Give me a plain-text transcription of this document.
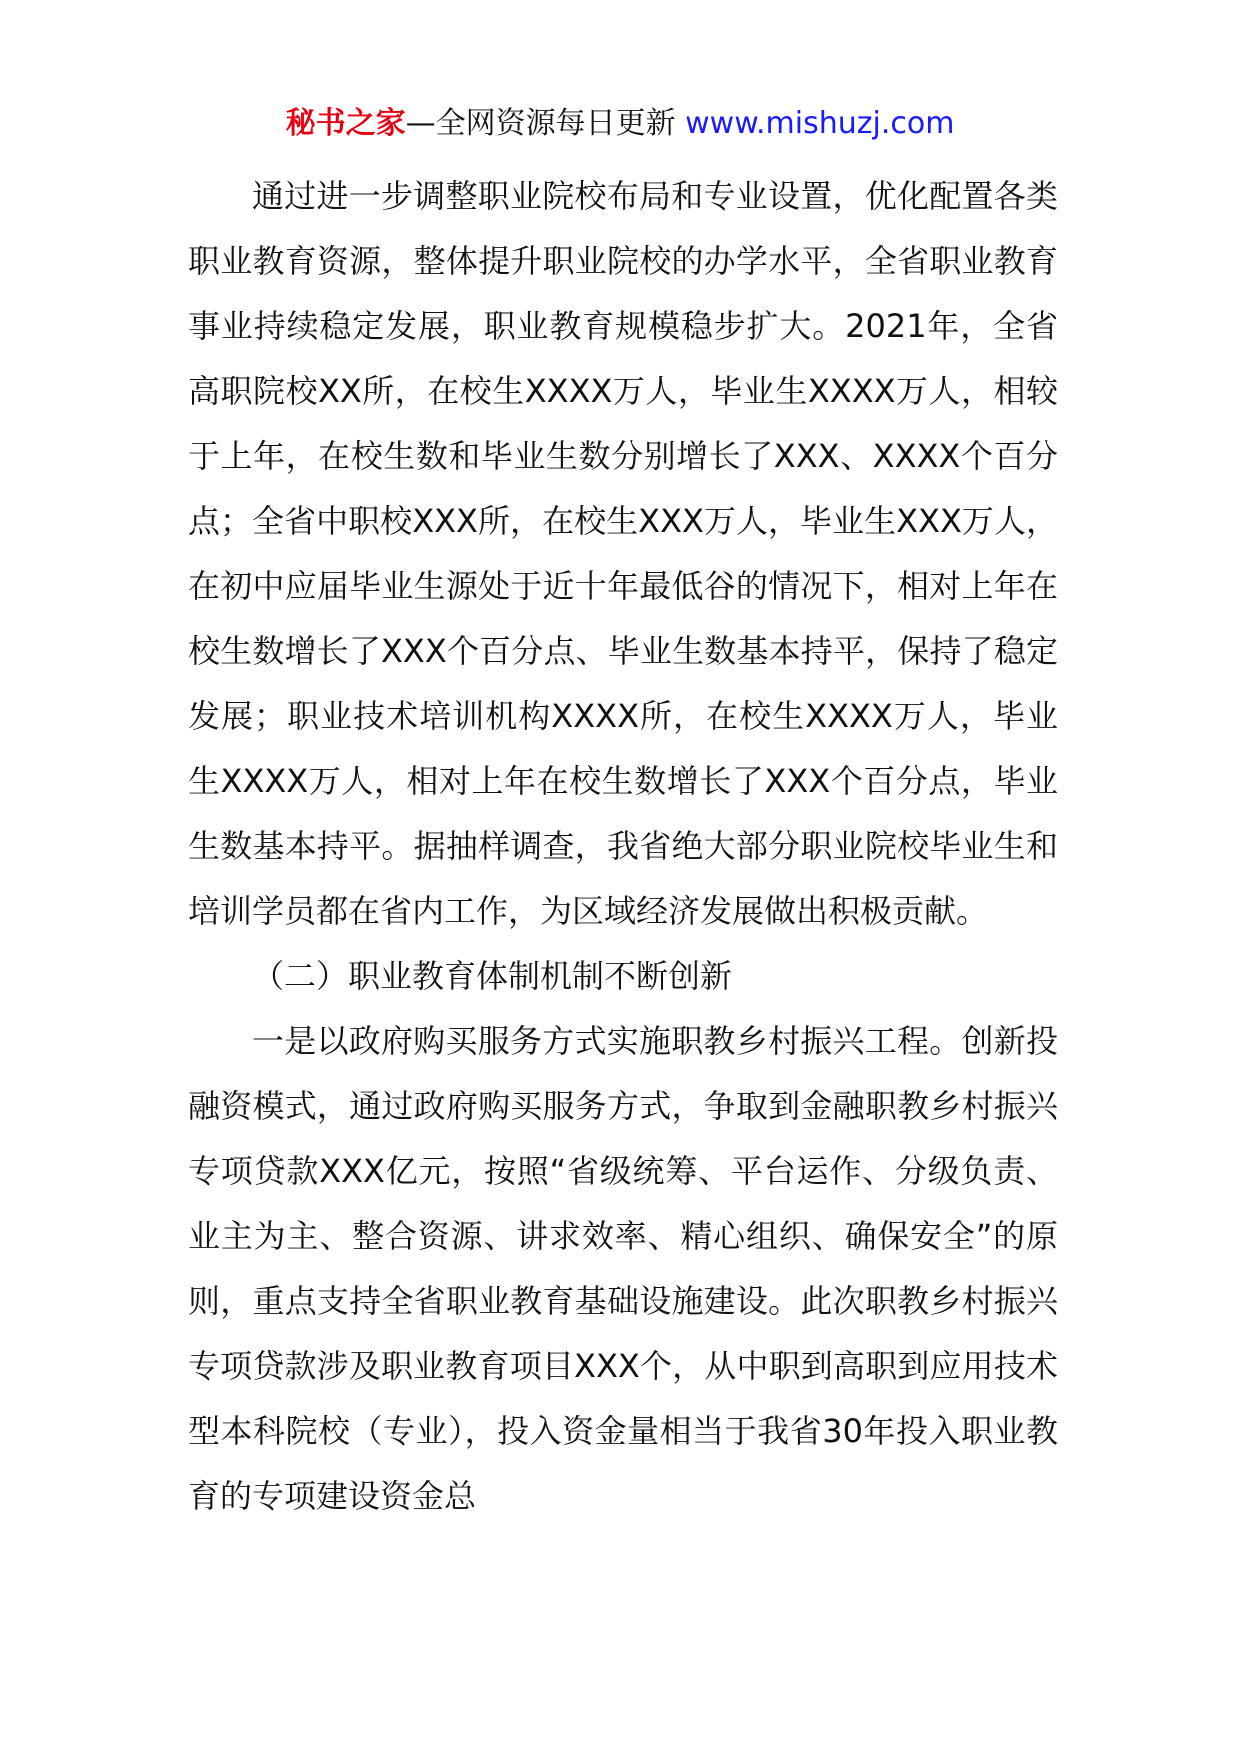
秘书之家—全网资源每日更新 www.mishuzj.com

通过进一步调整职业院校布局和专业设置，优化配置各类职业教育资源，整体提升职业院校的办学水平，全省职业教育事业持续稳定发展，职业教育规模稳步扩大。2021年，全省高职院校XX所，在校生XXXX万人，毕业生XXXX万人，相较于上年，在校生数和毕业生数分别增长了XXX、XXXX个百分点；全省中职校XXX所，在校生XXX万人，毕业生XXX万人，在初中应届毕业生源处于近十年最低谷的情况下，相对上年在校生数增长了XXX个百分点、毕业生数基本持平，保持了稳定发展；职业技术培训机构XXXX所，在校生XXXX万人，毕业生XXXX万人，相对上年在校生数增长了XXX个百分点，毕业生数基本持平。据抽样调查，我省绝大部分职业院校毕业生和培训学员都在省内工作，为区域经济发展做出积极贡献。

（二）职业教育体制机制不断创新

一是以政府购买服务方式实施职教乡村振兴工程。创新投融资模式，通过政府购买服务方式，争取到金融职教乡村振兴专项贷款XXX亿元，按照“省级统筹、平台运作、分级负责、业主为主、整合资源、讲求效率、精心组织、确保安全”的原则，重点支持全省职业教育基础设施建设。此次职教乡村振兴专项贷款涉及职业教育项目XXX个，从中职到高职到应用技术型本科院校（专业），投入资金量相当于我省30年投入职业教育的专项建设资金总
